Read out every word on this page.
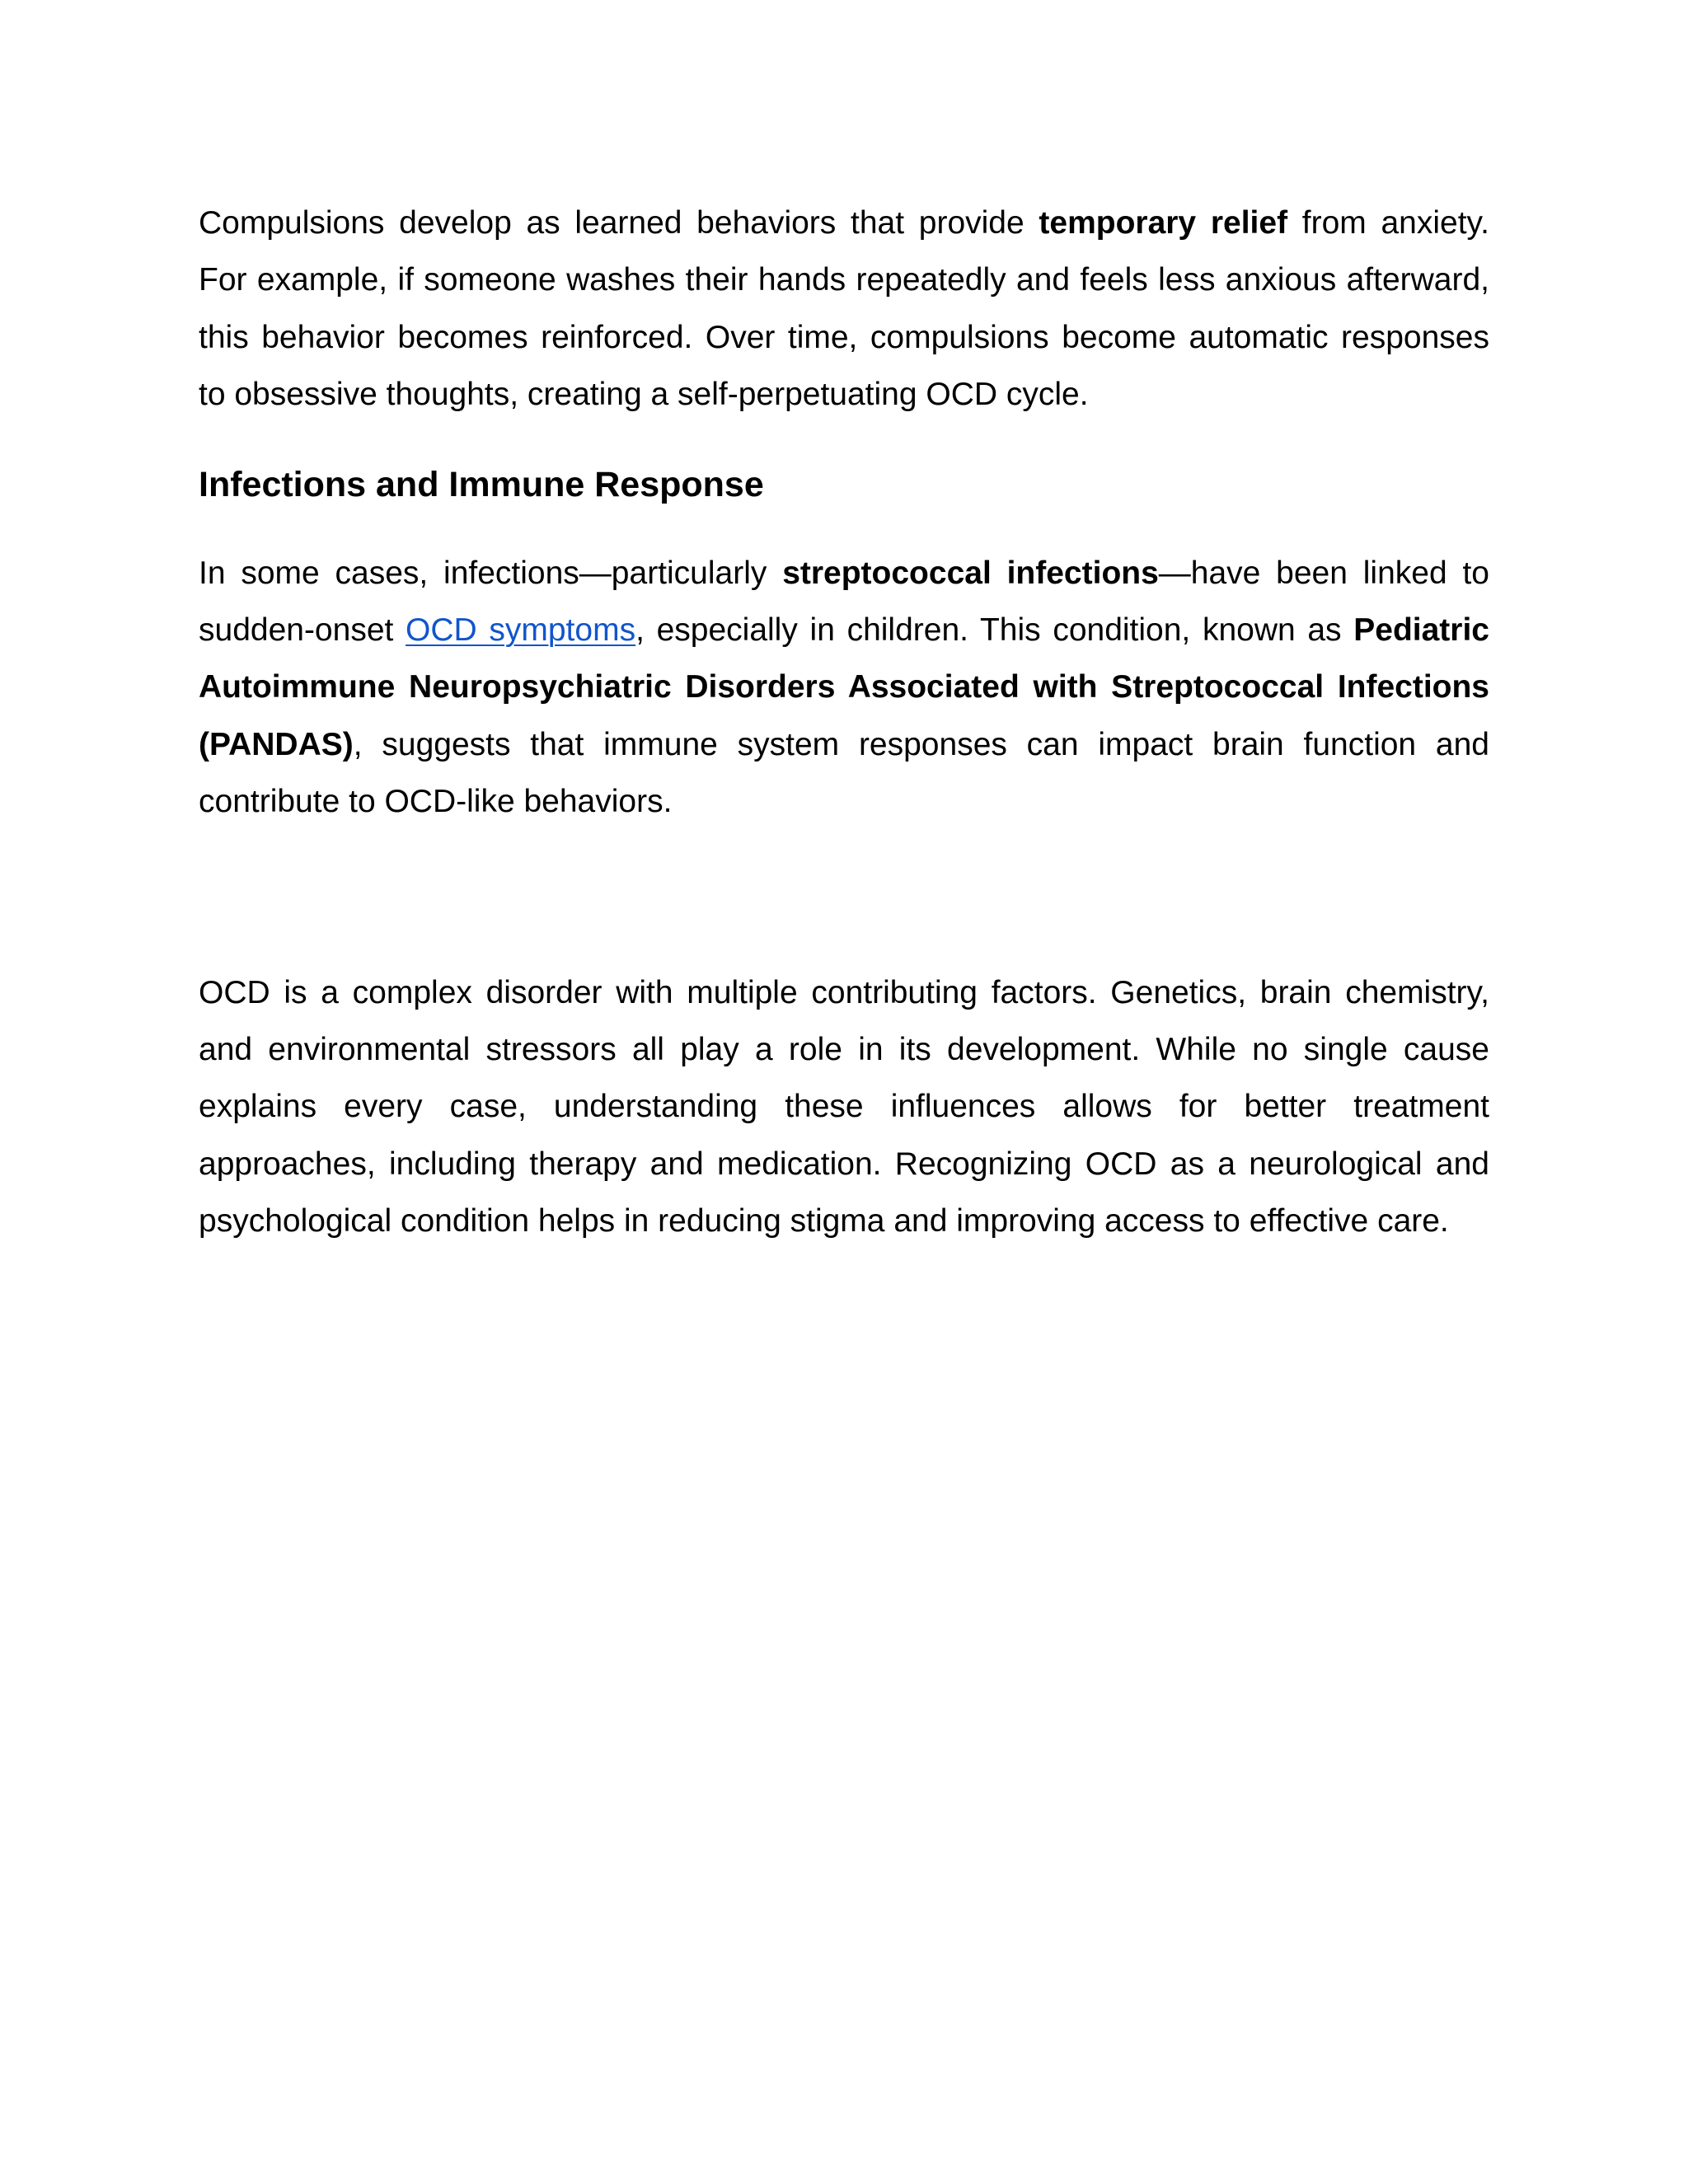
Compulsions develop as learned behaviors that provide temporary relief from anxiety. For example, if someone washes their hands repeatedly and feels less anxious afterward, this behavior becomes reinforced. Over time, compulsions become automatic responses to obsessive thoughts, creating a self-perpetuating OCD cycle.

Infections and Immune Response

In some cases, infections—particularly streptococcal infections—have been linked to sudden-onset OCD symptoms, especially in children. This condition, known as Pediatric Autoimmune Neuropsychiatric Disorders Associated with Streptococcal Infections (PANDAS), suggests that immune system responses can impact brain function and contribute to OCD-like behaviors.

OCD is a complex disorder with multiple contributing factors. Genetics, brain chemistry, and environmental stressors all play a role in its development. While no single cause explains every case, understanding these influences allows for better treatment approaches, including therapy and medication. Recognizing OCD as a neurological and psychological condition helps in reducing stigma and improving access to effective care.
